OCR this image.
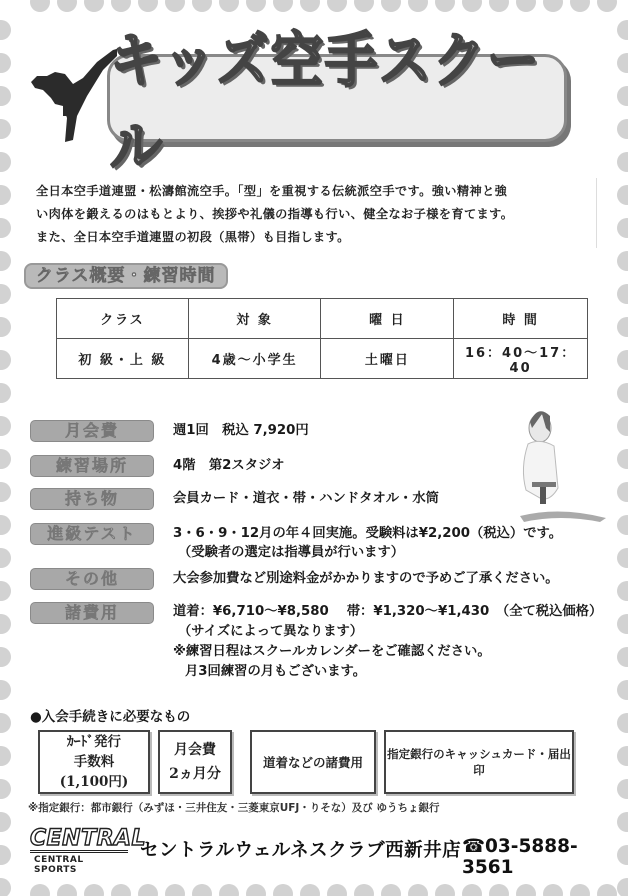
キッズ空手スクール
全日本空手道連盟・松濤館流空手。「型」を重視する伝統派空手です。強い精神と強
い肉体を鍛えるのはもとより、挨拶や礼儀の指導も行い、健全なお子様を育てます。
また、全日本空手道連盟の初段（黒帯）も目指します。
クラス概要・練習時間
クラス	対 象	曜 日	時 間
初 級・上 級	4歳～小学生	土曜日	16：40～17：40
月会費	週1回　税込 7,920円
練習場所	4階　第2スタジオ
持ち物	会員カード・道衣・帯・ハンドタオル・水筒
進級テスト	3・6・9・12月の年４回実施。受験料は¥2,200（税込）です。
（受験者の選定は指導員が行います）
その他	大会参加費など別途料金がかかりますので予めご了承ください。
諸費用	道着：¥6,710～¥8,580　 帯：¥1,320～¥1,430　（全て税込価格）
（サイズによって異なります）
※練習日程はスクールカレンダーをご確認ください。
月3回練習の月もございます。
●入会手続きに必要なもの
ｶｰﾄﾞ発行
手数料
(1,100円)
月会費
2ヵ月分
道着などの諸費用
指定銀行のキャッシュカード・届出印
※指定銀行：都市銀行（みずほ・三井住友・三菱東京UFJ・りそな）及び ゆうちょ銀行
CENTRAL
CENTRAL SPORTS
セントラルウェルネスクラブ西新井店 ☎03-5888-3561
